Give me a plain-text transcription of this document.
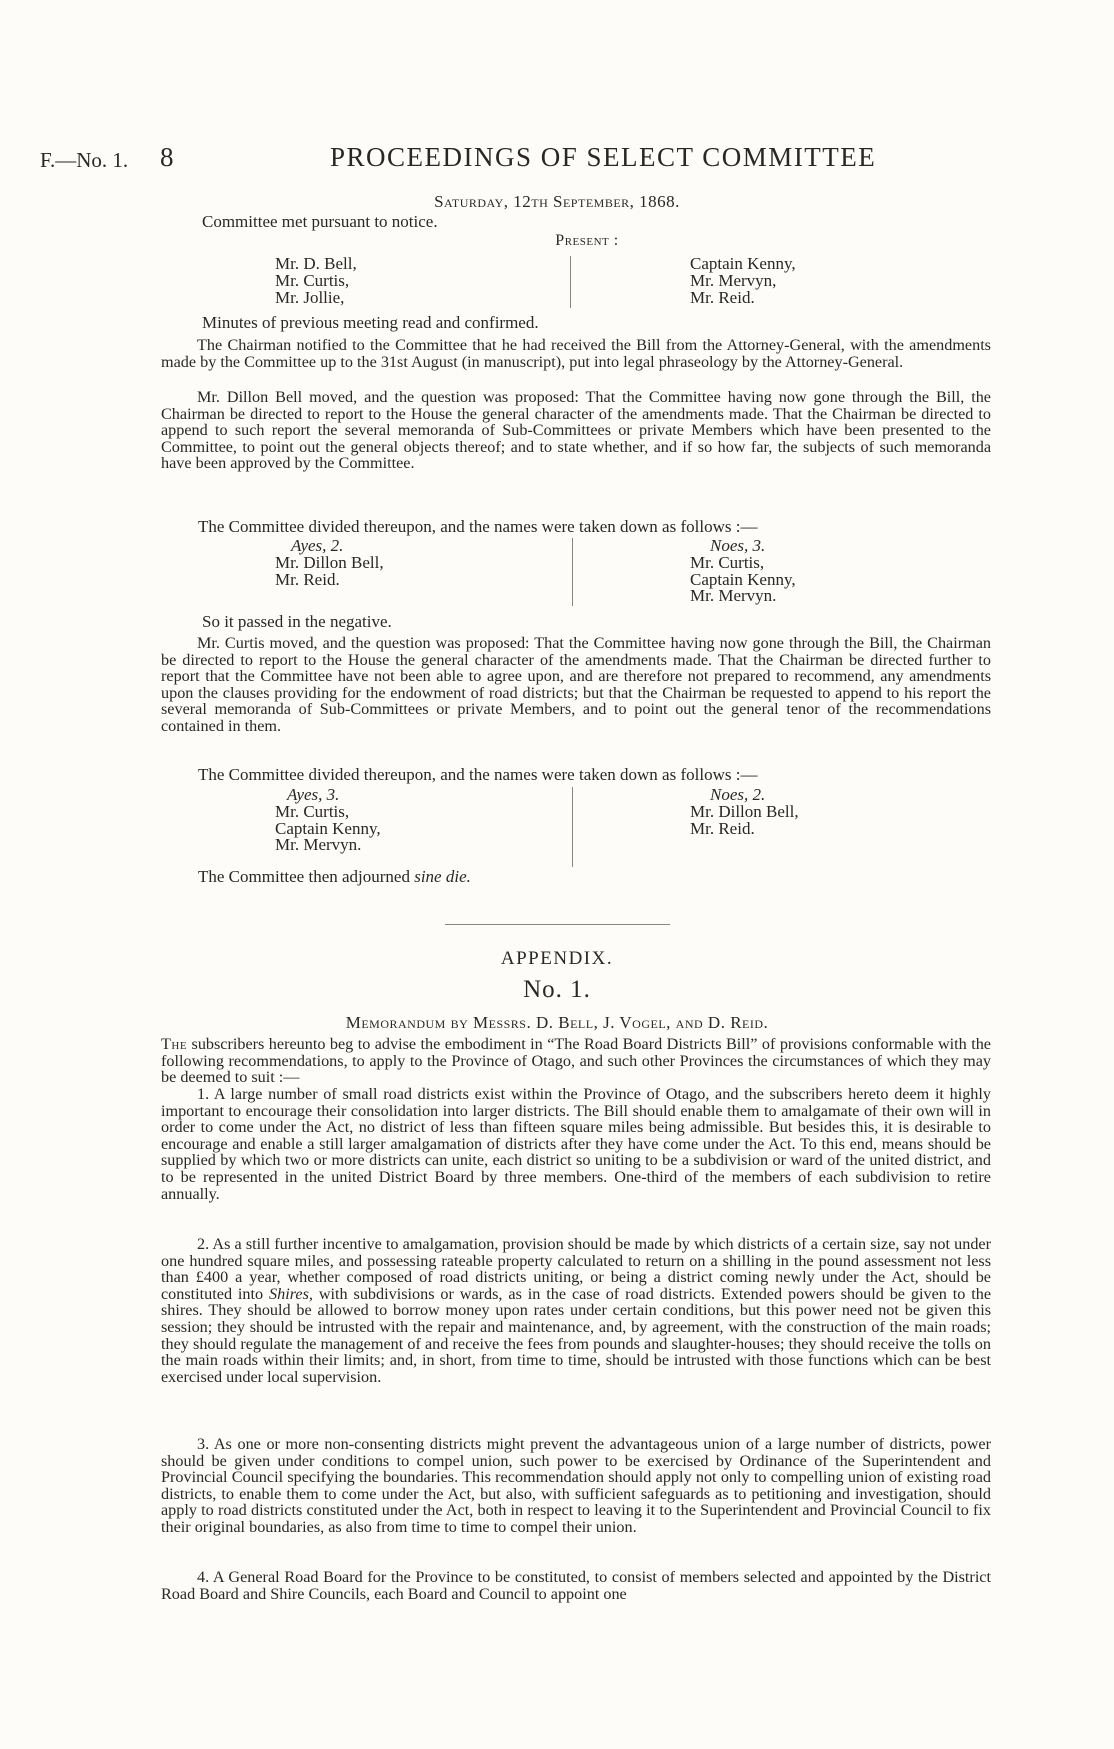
F.—No. 1. 8	PROCEEDINGS OF SELECT COMMITTEE
Saturday, 12th September, 1868.
Committee met pursuant to notice.
Present :
Mr. D. Bell,
Mr. Curtis,
Mr. Jollie,
Captain Kenny,
Mr. Mervyn,
Mr. Reid.
Minutes of previous meeting read and confirmed.
The Chairman notified to the Committee that he had received the Bill from the Attorney-General, with the amendments made by the Committee up to the 31st August (in manuscript), put into legal phraseology by the Attorney-General.
Mr. Dillon Bell moved, and the question was proposed: That the Committee having now gone through the Bill, the Chairman be directed to report to the House the general character of the amendments made. That the Chairman be directed to append to such report the several memoranda of Sub-Committees or private Members which have been presented to the Committee, to point out the general objects thereof; and to state whether, and if so how far, the subjects of such memoranda have been approved by the Committee.
The Committee divided thereupon, and the names were taken down as follows :—
Ayes, 2.
Mr. Dillon Bell,
Mr. Reid.
Noes, 3.
Mr. Curtis,
Captain Kenny,
Mr. Mervyn.
So it passed in the negative.
Mr. Curtis moved, and the question was proposed: That the Committee having now gone through the Bill, the Chairman be directed to report to the House the general character of the amendments made. That the Chairman be directed further to report that the Committee have not been able to agree upon, and are therefore not prepared to recommend, any amendments upon the clauses providing for the endowment of road districts; but that the Chairman be requested to append to his report the several memoranda of Sub-Committees or private Members, and to point out the general tenor of the recommendations contained in them.
The Committee divided thereupon, and the names were taken down as follows :—
Ayes, 3.
Mr. Curtis,
Captain Kenny,
Mr. Mervyn.
Noes, 2.
Mr. Dillon Bell,
Mr. Reid.
The Committee then adjourned sine die.
APPENDIX.
No. 1.
Memorandum by Messrs. D. Bell, J. Vogel, and D. Reid.
The subscribers hereunto beg to advise the embodiment in “The Road Board Districts Bill” of provisions conformable with the following recommendations, to apply to the Province of Otago, and such other Provinces the circumstances of which they may be deemed to suit :—
1. A large number of small road districts exist within the Province of Otago, and the subscribers hereto deem it highly important to encourage their consolidation into larger districts. The Bill should enable them to amalgamate of their own will in order to come under the Act, no district of less than fifteen square miles being admissible. But besides this, it is desirable to encourage and enable a still larger amalgamation of districts after they have come under the Act. To this end, means should be supplied by which two or more districts can unite, each district so uniting to be a subdivision or ward of the united district, and to be represented in the united District Board by three members. One-third of the members of each subdivision to retire annually.
2. As a still further incentive to amalgamation, provision should be made by which districts of a certain size, say not under one hundred square miles, and possessing rateable property calculated to return on a shilling in the pound assessment not less than £400 a year, whether composed of road districts uniting, or being a district coming newly under the Act, should be constituted into Shires, with subdivisions or wards, as in the case of road districts. Extended powers should be given to the shires. They should be allowed to borrow money upon rates under certain conditions, but this power need not be given this session; they should be intrusted with the repair and maintenance, and, by agreement, with the construction of the main roads; they should regulate the management of and receive the fees from pounds and slaughter-houses; they should receive the tolls on the main roads within their limits; and, in short, from time to time, should be intrusted with those functions which can be best exercised under local supervision.
3. As one or more non-consenting districts might prevent the advantageous union of a large number of districts, power should be given under conditions to compel union, such power to be exercised by Ordinance of the Superintendent and Provincial Council specifying the boundaries. This recommendation should apply not only to compelling union of existing road districts, to enable them to come under the Act, but also, with sufficient safeguards as to petitioning and investigation, should apply to road districts constituted under the Act, both in respect to leaving it to the Superintendent and Provincial Council to fix their original boundaries, as also from time to time to compel their union.
4. A General Road Board for the Province to be constituted, to consist of members selected and appointed by the District Road Board and Shire Councils, each Board and Council to appoint one
